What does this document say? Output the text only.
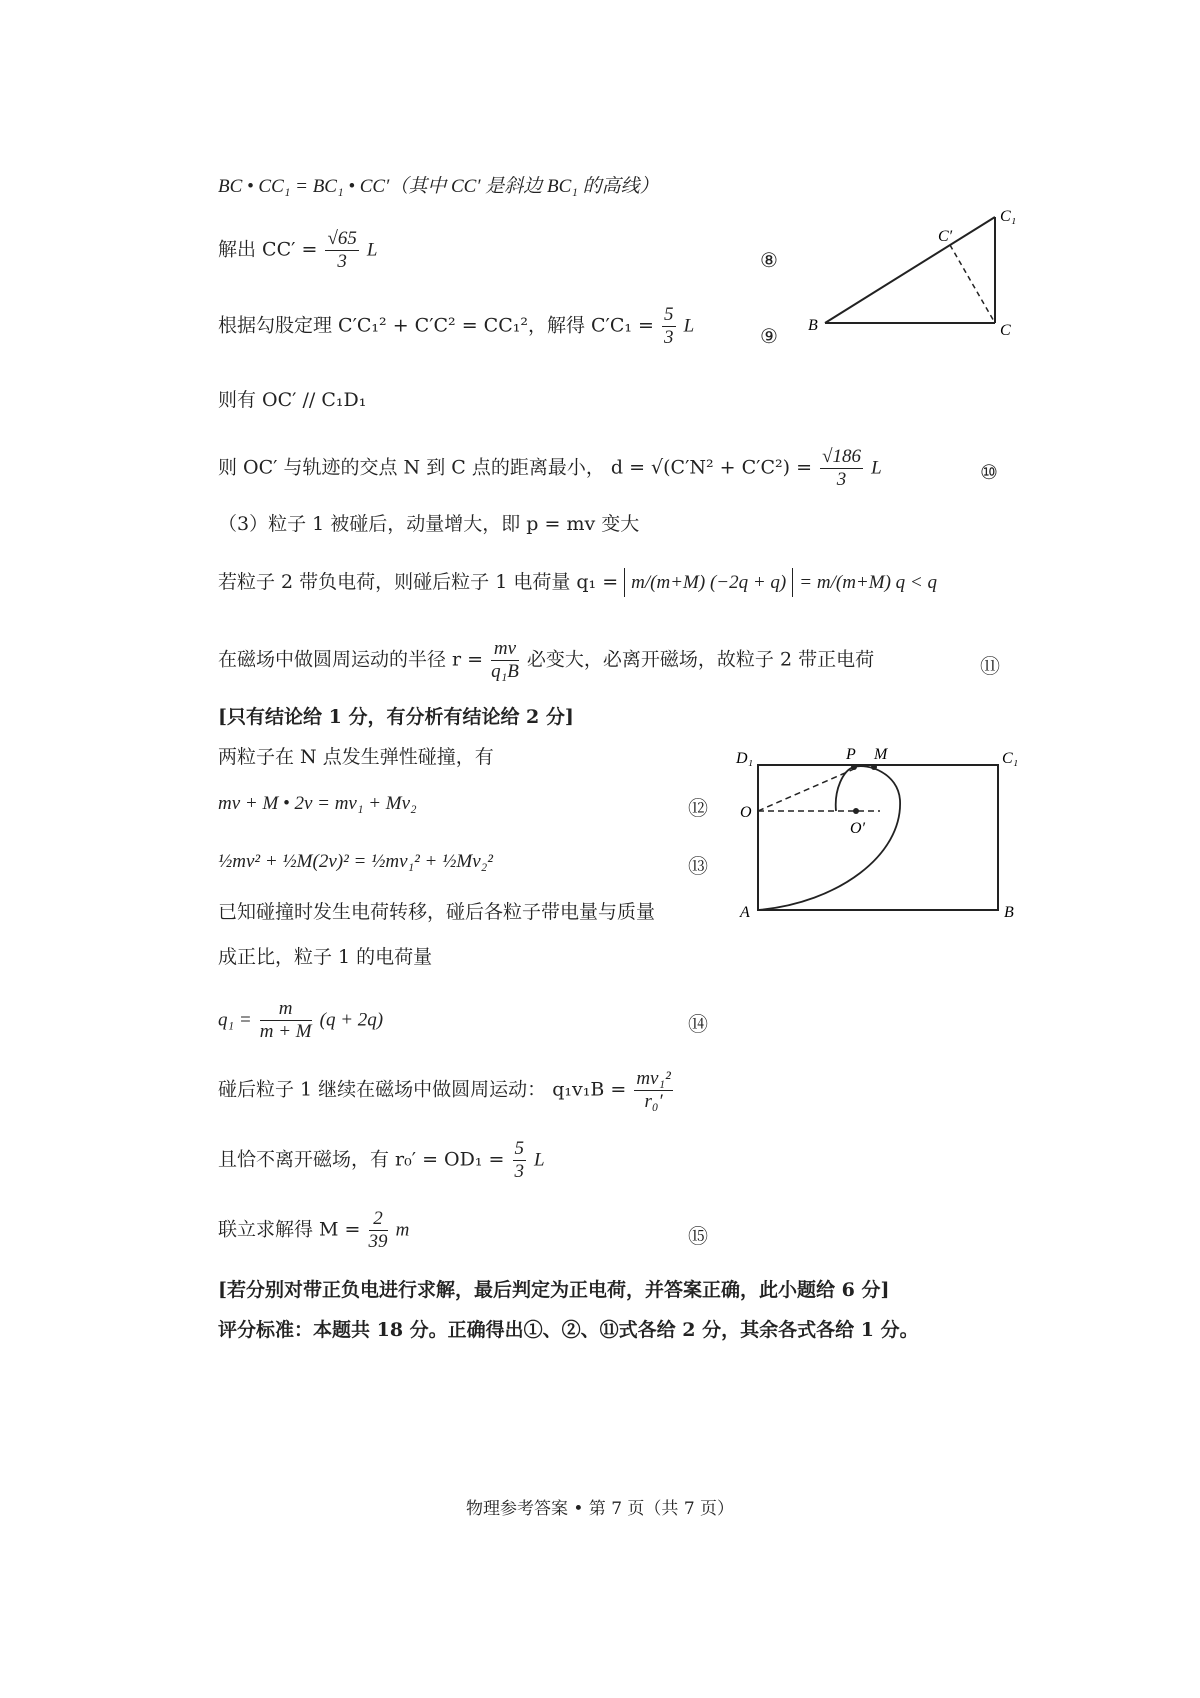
BC • CC₁ = BC₁ • CC′（其中 CC′ 是斜边 BC₁ 的高线）
解出 $CC' = \frac{√65}{3}$ L	⑧
根据勾股定理 C′C₁² + C′C² = CC₁²，解得 $C'C_1 = \frac{5}{3}$ L	⑨ B	C
C₁
C′
则有 OC′ // C₁D₁
则 OC′ 与轨迹的交点 N 到 C 点的距离最小， $d = √(C'N^2 + C'C^2) = \frac{√186}{3}$ L	⑩
（3）粒子 1 被碰后，动量增大，即 p = mv 变大
若粒子 2 带负电荷，则碰后粒子 1 电荷量 q₁ = m/(m+M) (−2q + q) = m/(m+M) q < q
在磁场中做圆周运动的半径 $r = \frac{mv}{\text{q₁B}}$ 必变大，必离开磁场，故粒子 2 带正电荷	⑪
[只有结论给 1 分，有分析有结论给 2 分]
两粒子在 N 点发生弹性碰撞，有
mv + M • 2v = mv₁ + Mv₂	⑫
½mv² + ½M(2v)² = ½mv₁² + ½Mv₂²	⑬
已知碰撞时发生电荷转移，碰后各粒子带电量与质量
成正比，粒子 1 的电荷量
$q_1 = \frac{m}{m + M} (q + 2q)$	⑭
碰后粒子 1 继续在磁场中做圆周运动： $q_1v_1B = \frac{\text{mv₁²}}{\text{r₀′}}$
且恰不离开磁场，有 $r_0' = OD_1 = \frac{5}{3}$ L
联立求解得 $M = \frac{2}{39}$ m	⑮
[若分别对带正负电进行求解，最后判定为正电荷，并答案正确，此小题给 6 分]
评分标准：本题共 18 分。正确得出①、②、⑪式各给 2 分，其余各式各给 1 分。
D₁	C₁
O
O′
P M
A	B
物理参考答案 • 第 7 页（共 7 页）
